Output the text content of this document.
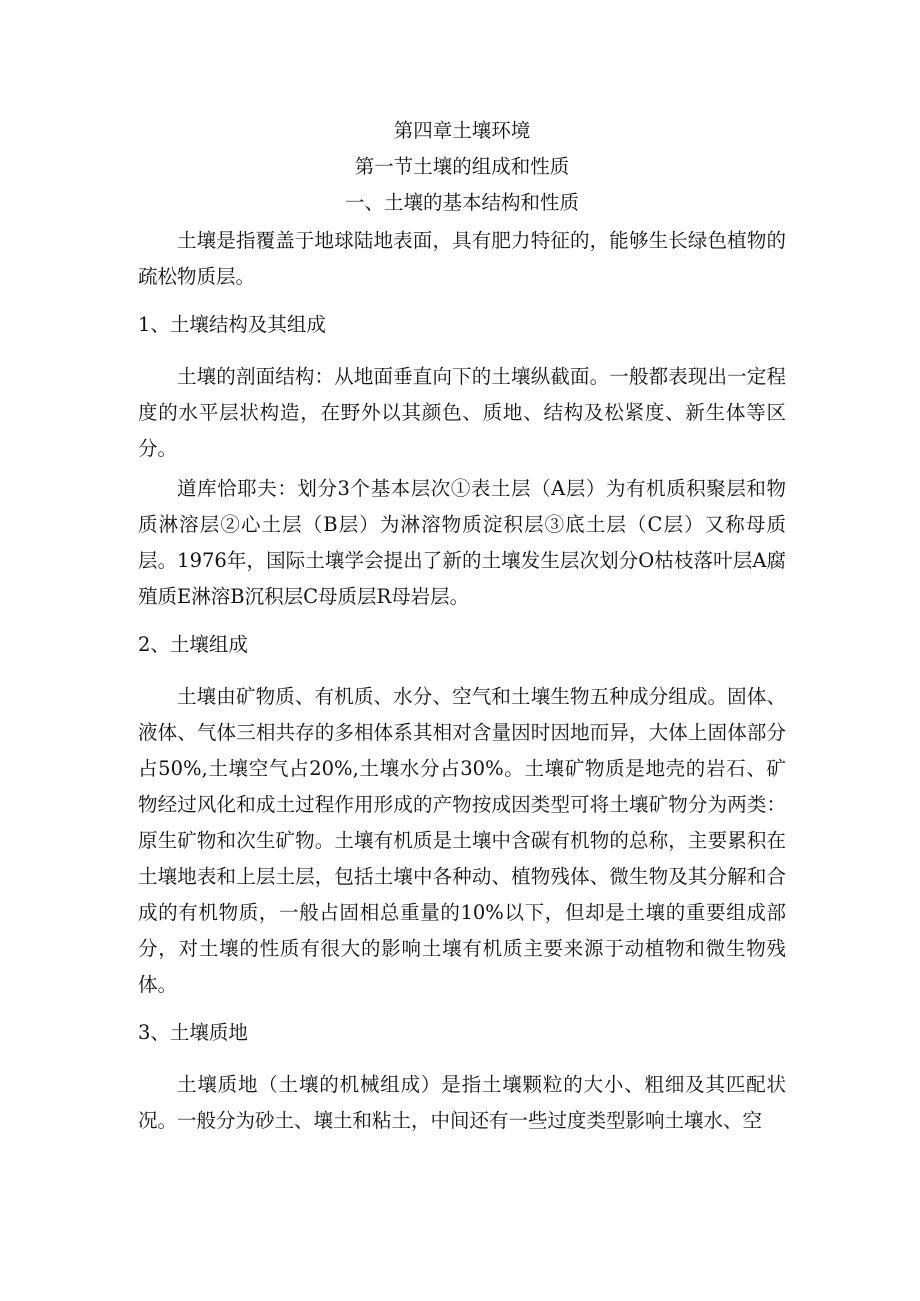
第四章土壤环境
第一节土壤的组成和性质
一、土壤的基本结构和性质

土壤是指覆盖于地球陆地表面，具有肥力特征的，能够生长绿色植物的疏松物质层。

1、土壤结构及其组成

土壤的剖面结构：从地面垂直向下的土壤纵截面。一般都表现出一定程度的水平层状构造，在野外以其颜色、质地、结构及松紧度、新生体等区分。

道库恰耶夫：划分3个基本层次①表土层（A层）为有机质积聚层和物质淋溶层②心土层（B层）为淋溶物质淀积层③底土层（C层）又称母质层。1976年，国际土壤学会提出了新的土壤发生层次划分O枯枝落叶层A腐殖质E淋溶B沉积层C母质层R母岩层。

2、土壤组成

土壤由矿物质、有机质、水分、空气和土壤生物五种成分组成。固体、液体、气体三相共存的多相体系其相对含量因时因地而异，大体上固体部分占50%,土壤空气占20%,土壤水分占30%。土壤矿物质是地壳的岩石、矿物经过风化和成土过程作用形成的产物按成因类型可将土壤矿物分为两类：原生矿物和次生矿物。土壤有机质是土壤中含碳有机物的总称，主要累积在土壤地表和上层土层，包括土壤中各种动、植物残体、微生物及其分解和合成的有机物质，一般占固相总重量的10%以下，但却是土壤的重要组成部分，对土壤的性质有很大的影响土壤有机质主要来源于动植物和微生物残体。

3、土壤质地

土壤质地（土壤的机械组成）是指土壤颗粒的大小、粗细及其匹配状况。一般分为砂土、壤土和粘土，中间还有一些过度类型影响土壤水、空
